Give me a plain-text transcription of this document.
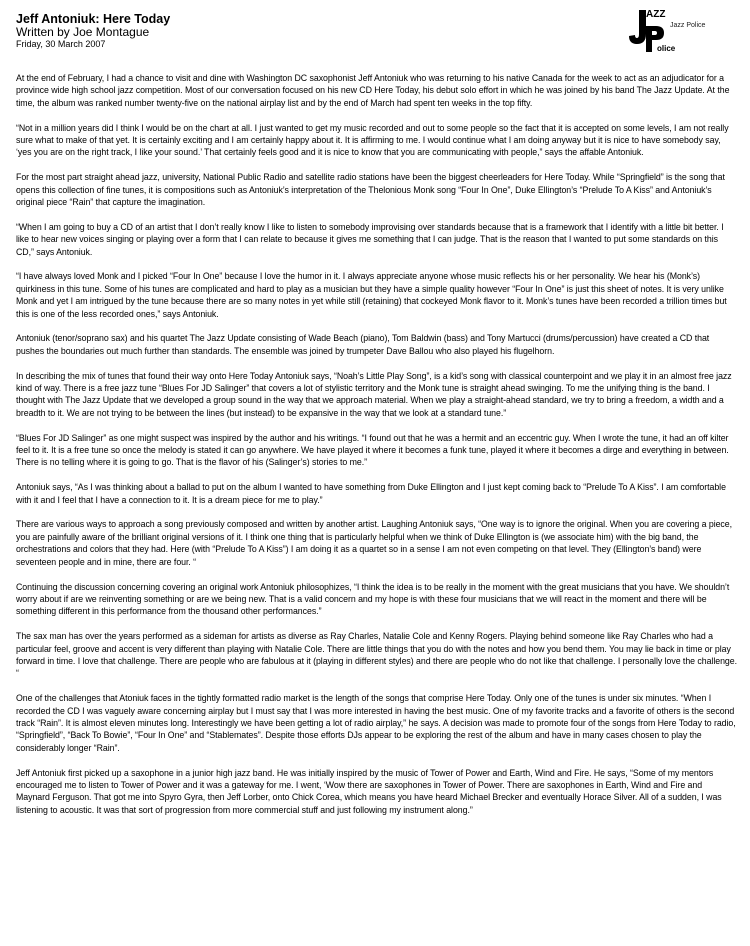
Jeff Antoniuk: Here Today
Written by Joe Montague
Friday, 30 March 2007
AZZ
olice
Jazz Police

At the end of February, I had a chance to visit and dine with Washington DC saxophonist Jeff Antoniuk who was returning to his native Canada for the week to act as an adjudicator for a province wide high school jazz competition. Most of our conversation focused on his new CD Here Today, his debut solo effort in which he was joined by his band The Jazz Update. At the time, the album was ranked number twenty-five on the national airplay list and by the end of March had spent ten weeks in the top fifty.

“Not in a million years did I think I would be on the chart at all. I just wanted to get my music recorded and out to some people so the fact that it is accepted on some levels, I am not really sure what to make of that yet. It is certainly exciting and I am certainly happy about it. It is affirming to me. I would continue what I am doing anyway but it is nice to have somebody say, ‘yes you are on the right track, I like your sound.’ That certainly feels good and it is nice to know that you are communicating with people,” says the affable Antoniuk.

For the most part straight ahead jazz, university, National Public Radio and satellite radio stations have been the biggest cheerleaders for Here Today. While “Springfield” is the song that opens this collection of fine tunes, it is compositions such as Antoniuk’s interpretation of the Thelonious Monk song “Four In One”, Duke Ellington’s “Prelude To A Kiss” and Antoniuk’s original piece “Rain” that capture the imagination.

“When I am going to buy a CD of an artist that I don’t really know I like to listen to somebody improvising over standards because that is a framework that I identify with a little bit better. I like to hear new voices singing or playing over a form that I can relate to because it gives me something that I can judge. That is the reason that I wanted to put some standards on this CD,” says Antoniuk.

“I have always loved Monk and I picked “Four In One” because I love the humor in it. I always appreciate anyone whose music reflects his or her personality. We hear his (Monk’s) quirkiness in this tune. Some of his tunes are complicated and hard to play as a musician but they have a simple quality however “Four In One” is just this sheet of notes. It is very unlike Monk and yet I am intrigued by the tune because there are so many notes in yet while still (retaining) that cockeyed Monk flavor to it. Monk’s tunes have been recorded a trillion times but this is one of the less recorded ones,” says Antoniuk.

Antoniuk (tenor/soprano sax) and his quartet The Jazz Update consisting of Wade Beach (piano), Tom Baldwin (bass) and Tony Martucci (drums/percussion) have created a CD that pushes the boundaries out much further than standards. The ensemble was joined by trumpeter Dave Ballou who also played his flugelhorn.

In describing the mix of tunes that found their way onto Here Today Antoniuk says, “Noah’s Little Play Song”, is a kid’s song with classical counterpoint and we play it in an almost free jazz kind of way. There is a free jazz tune “Blues For JD Salinger” that covers a lot of stylistic territory and the Monk tune is straight ahead swinging. To me the unifying thing is the band. I thought with The Jazz Update that we developed a group sound in the way that we approach material. When we play a straight-ahead standard, we try to bring a freedom, a width and a breadth to it. We are not trying to be between the lines (but instead) to be expansive in the way that we look at a standard tune.”

“Blues For JD Salinger” as one might suspect was inspired by the author and his writings. “I found out that he was a hermit and an eccentric guy. When I wrote the tune, it had an off kilter feel to it. It is a free tune so once the melody is stated it can go anywhere. We have played it where it becomes a funk tune, played it where it becomes a dirge and everything in between. There is no telling where it is going to go. That is the flavor of his (Salinger’s) stories to me.”

Antoniuk says, “As I was thinking about a ballad to put on the album I wanted to have something from Duke Ellington and I just kept coming back to “Prelude To A Kiss”. I am comfortable with it and I feel that I have a connection to it. It is a dream piece for me to play.”

There are various ways to approach a song previously composed and written by another artist. Laughing Antoniuk says, “One way is to ignore the original. When you are covering a piece, you are painfully aware of the brilliant original versions of it. I think one thing that is particularly helpful when we think of Duke Ellington is (we associate him) with the big band, the orchestrations and colors that they had. Here (with “Prelude To A Kiss”) I am doing it as a quartet so in a sense I am not even competing on that level. They (Ellington’s band) were seventeen people and in mine, there are four. “

Continuing the discussion concerning covering an original work Antoniuk philosophizes, “I think the idea is to be really in the moment with the great musicians that you have. We shouldn’t worry about if are we reinventing something or are we being new. That is a valid concern and my hope is with these four musicians that we will react in the moment and there will be something different in this performance from the thousand other performances.”

The sax man has over the years performed as a sideman for artists as diverse as Ray Charles, Natalie Cole and Kenny Rogers. Playing behind someone like Ray Charles who had a particular feel, groove and accent is very different than playing with Natalie Cole. There are little things that you do with the notes and how you bend them. You may lie back in time or play forward in time. I love that challenge. There are people who are fabulous at it (playing in different styles) and there are people who do not like that challenge. I personally love the challenge. “

One of the challenges that Atoniuk faces in the tightly formatted radio market is the length of the songs that comprise Here Today. Only one of the tunes is under six minutes. “When I recorded the CD I was vaguely aware concerning airplay but I must say that I was more interested in having the best music. One of my favorite tracks and a favorite of others is the second track “Rain”. It is almost eleven minutes long. Interestingly we have been getting a lot of radio airplay,” he says. A decision was made to promote four of the songs from Here Today to radio, “Springfield”, “Back To Bowie”, “Four In One” and “Stablemates”. Despite those efforts DJs appear to be exploring the rest of the album and have in many cases chosen to play the considerably longer “Rain”.

Jeff Antoniuk first picked up a saxophone in a junior high jazz band. He was initially inspired by the music of Tower of Power and Earth, Wind and Fire. He says, “Some of my mentors encouraged me to listen to Tower of Power and it was a gateway for me. I went, ‘Wow there are saxophones in Tower of Power. There are saxophones in Earth, Wind and Fire and Maynard Ferguson. That got me into Spyro Gyra, then Jeff Lorber, onto Chick Corea, which means you have heard Michael Brecker and eventually Horace Silver. All of a sudden, I was listening to acoustic. It was that sort of progression from more commercial stuff and just following my instrument along.”
